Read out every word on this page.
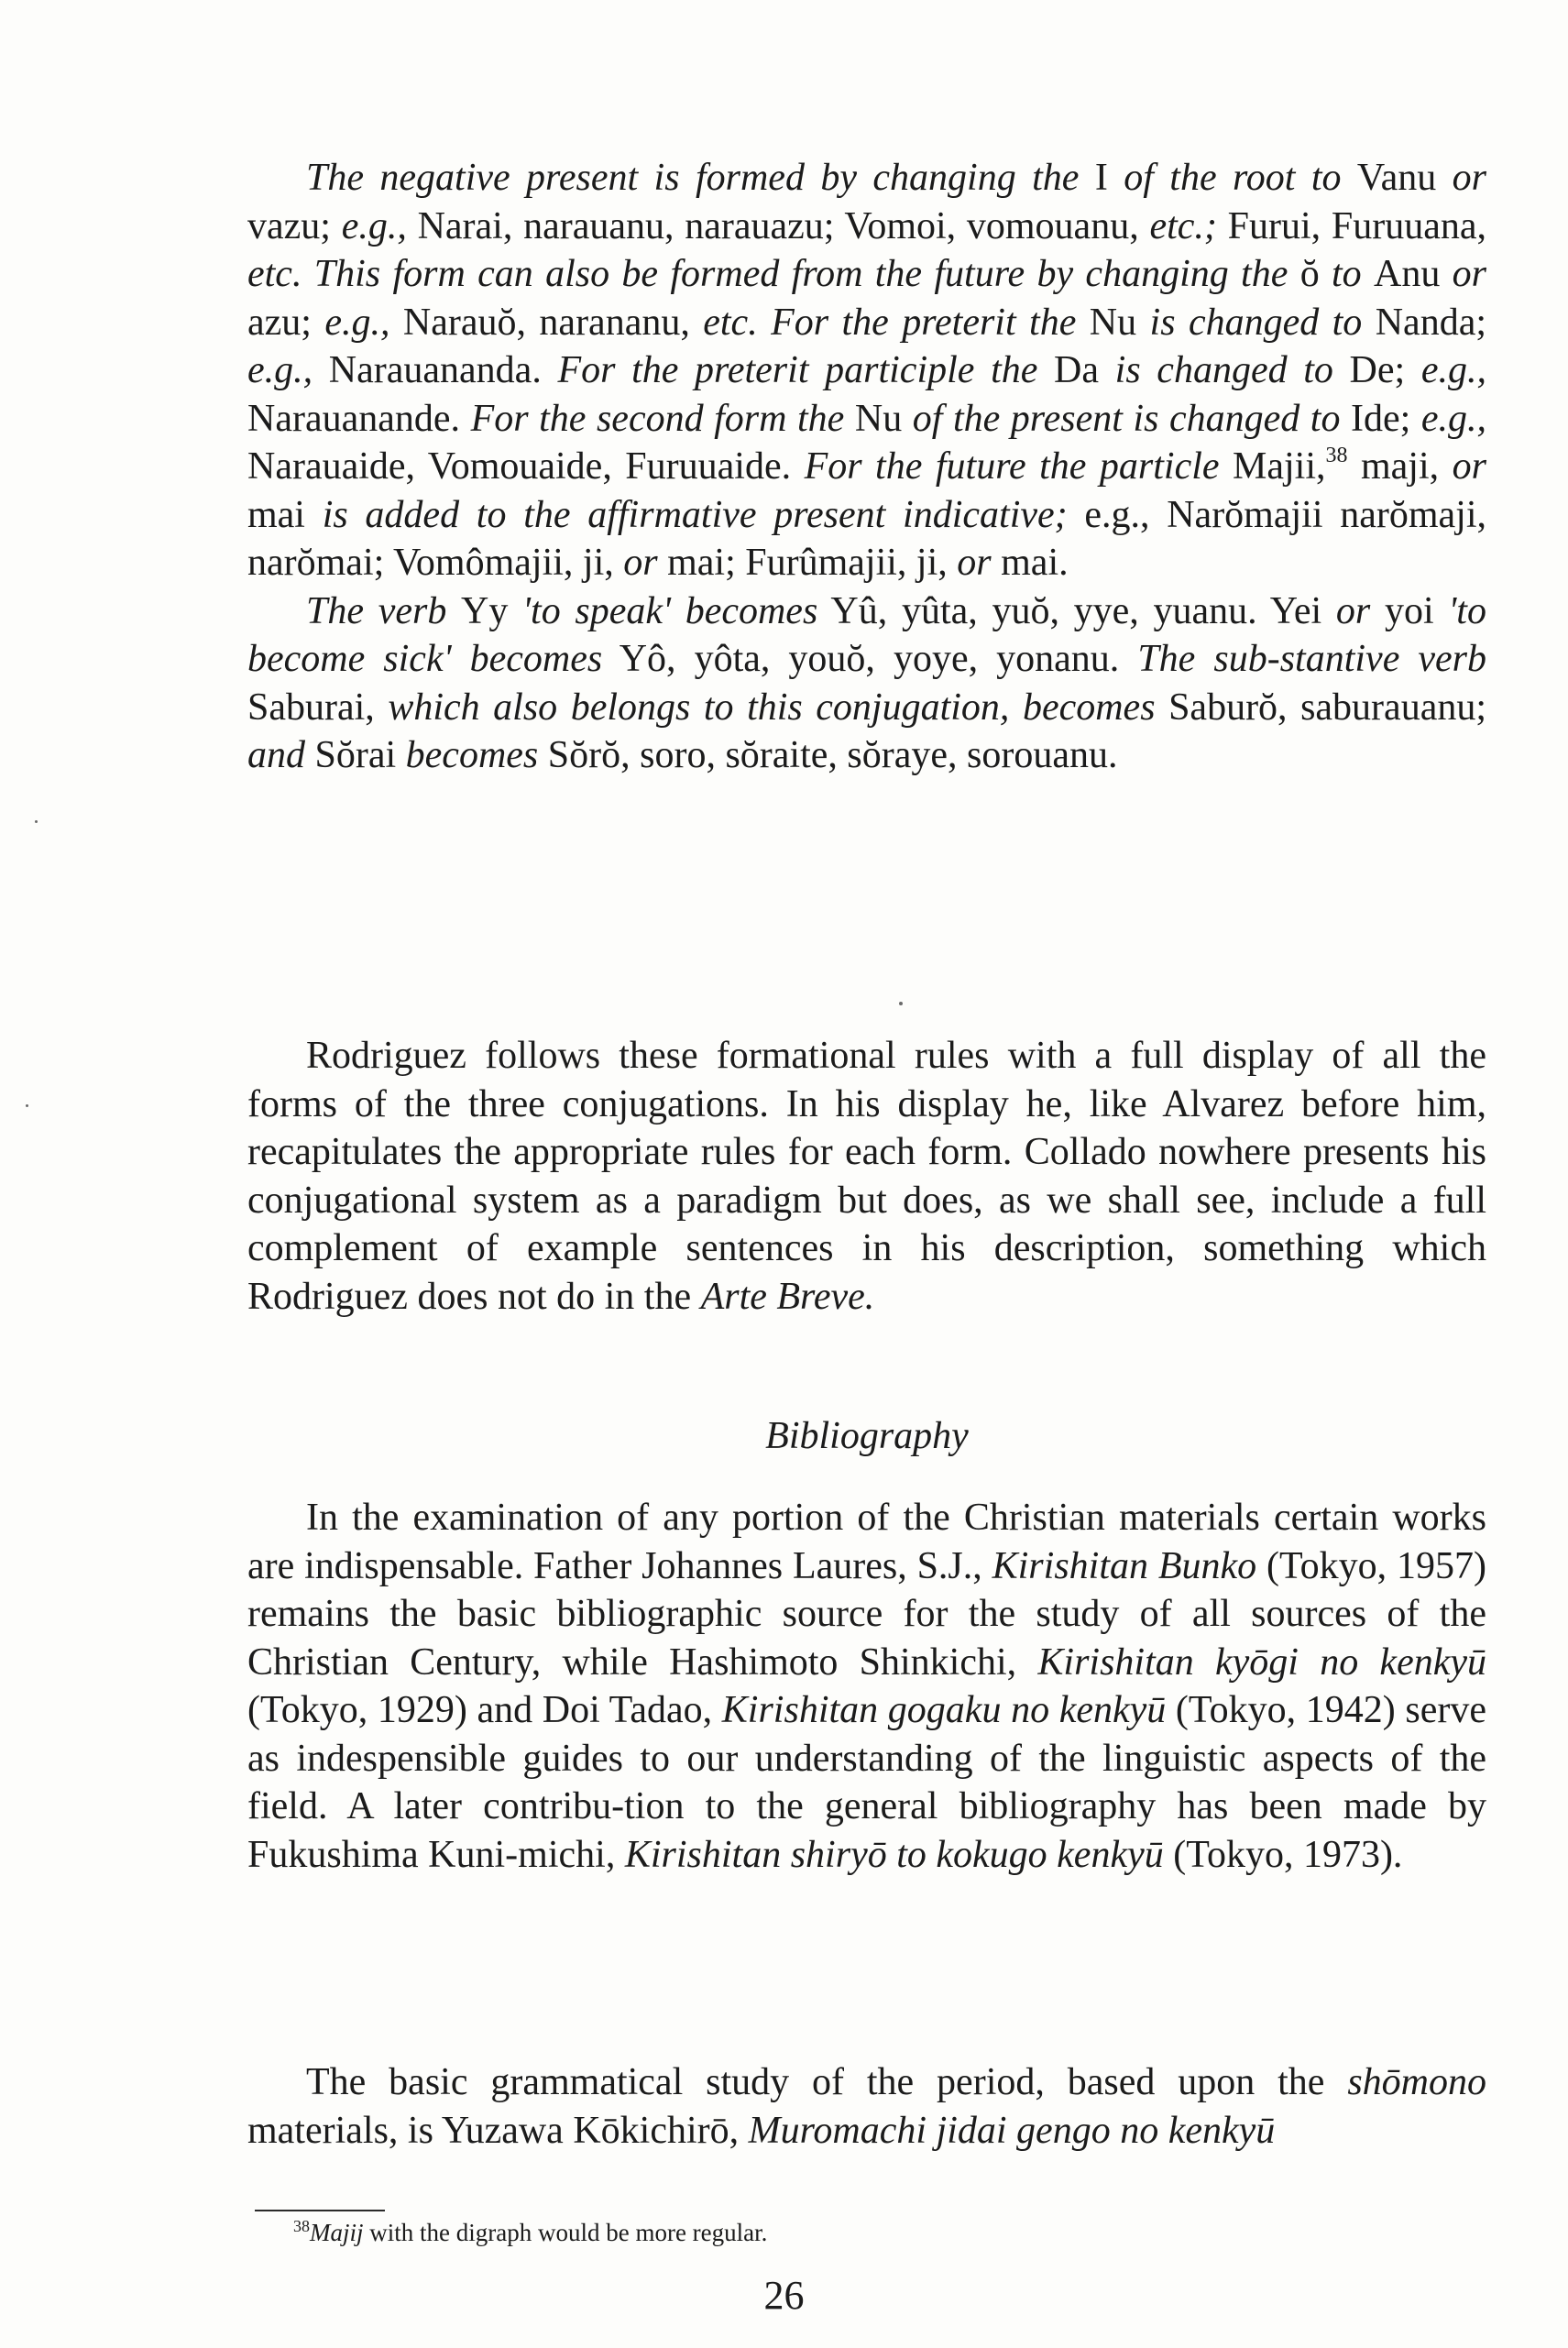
The negative present is formed by changing the I of the root to Vanu or vazu; e.g., Narai, narauanu, narauazu; Vomoi, vomouanu, etc.; Furui, Furuuana, etc. This form can also be formed from the future by changing the ŏ to Anu or azu; e.g., Narauŏ, narananu, etc. For the preterit the Nu is changed to Nanda; e.g., Narauananda. For the preterit participle the Da is changed to De; e.g., Narauanande. For the second form the Nu of the present is changed to Ide; e.g., Narauaide, Vomouaide, Furuuaide. For the future the particle Majii,$^{38}$ maji, or mai is added to the affirmative present indicative; e.g., Narŏmajii narŏmaji, narŏmai; Vomômajii, ji, or mai; Furûmajii, ji, or mai.

The verb Yy 'to speak' becomes Yû, yûta, yuŏ, yye, yuanu. Yei or yoi 'to become sick' becomes Yô, yôta, youŏ, yoye, yonanu. The sub-stantive verb Saburai, which also belongs to this conjugation, becomes Saburŏ, saburauanu; and Sŏrai becomes Sŏrŏ, soro, sŏraite, sŏraye, sorouanu.

Rodriguez follows these formational rules with a full display of all the forms of the three conjugations. In his display he, like Alvarez before him, recapitulates the appropriate rules for each form. Collado nowhere presents his conjugational system as a paradigm but does, as we shall see, include a full complement of example sentences in his description, something which Rodriguez does not do in the Arte Breve.

Bibliography

In the examination of any portion of the Christian materials certain works are indispensable. Father Johannes Laures, S.J., Kirishitan Bunko (Tokyo, 1957) remains the basic bibliographic source for the study of all sources of the Christian Century, while Hashimoto Shinkichi, Kirishitan kyōgi no kenkyū (Tokyo, 1929) and Doi Tadao, Kirishitan gogaku no kenkyū (Tokyo, 1942) serve as indespensible guides to our understanding of the linguistic aspects of the field. A later contribu-tion to the general bibliography has been made by Fukushima Kuni-michi, Kirishitan shiryō to kokugo kenkyū (Tokyo, 1973).

The basic grammatical study of the period, based upon the shōmono materials, is Yuzawa Kōkichirō, Muromachi jidai gengo no kenkyū

$^{38}$Majij with the digraph would be more regular.
26
